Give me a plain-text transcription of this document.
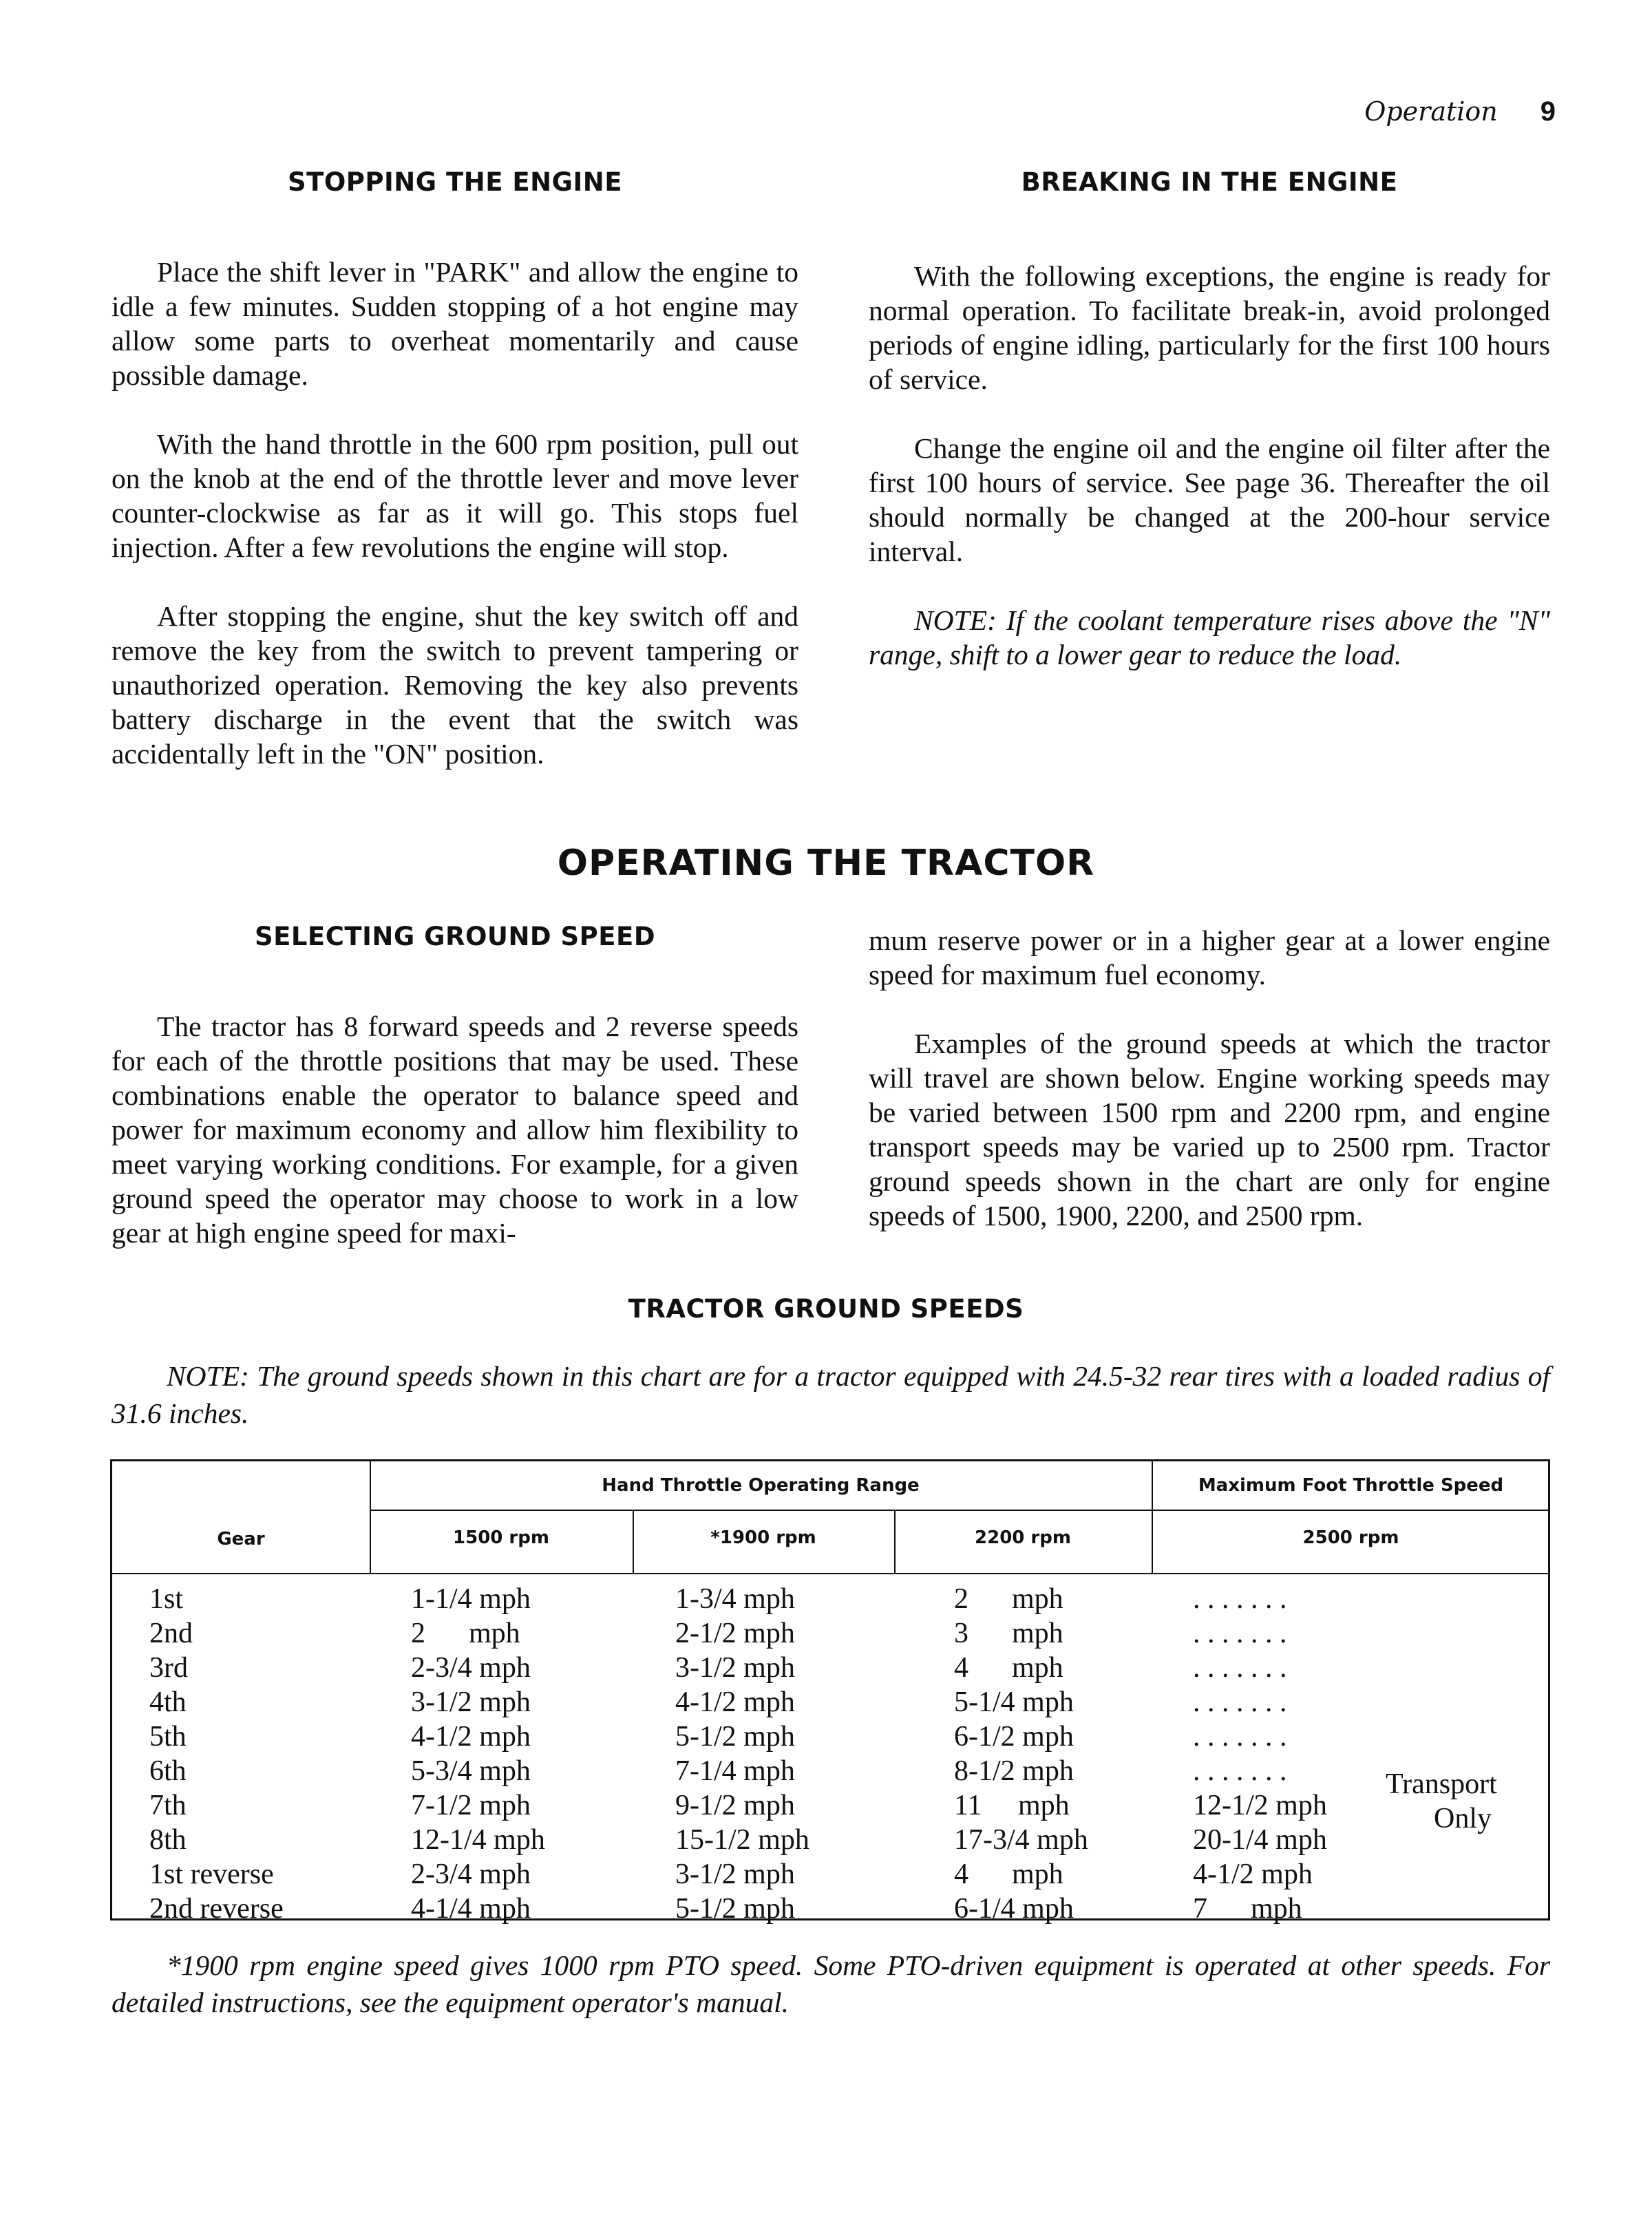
Operation 9
STOPPING THE ENGINE

Place the shift lever in "PARK" and allow the engine to idle a few minutes. Sudden stopping of a hot engine may allow some parts to overheat momentarily and cause possible damage.

With the hand throttle in the 600 rpm position, pull out on the knob at the end of the throttle lever and move lever counter-clockwise as far as it will go. This stops fuel injection. After a few revolutions the engine will stop.

After stopping the engine, shut the key switch off and remove the key from the switch to prevent tampering or unauthorized operation. Removing the key also prevents battery discharge in the event that the switch was accidentally left in the "ON" position.

BREAKING IN THE ENGINE

With the following exceptions, the engine is ready for normal operation. To facilitate break-in, avoid prolonged periods of engine idling, particularly for the first 100 hours of service.

Change the engine oil and the engine oil filter after the first 100 hours of service. See page 36. Thereafter the oil should normally be changed at the 200-hour service interval.

NOTE: If the coolant temperature rises above the "N" range, shift to a lower gear to reduce the load.

OPERATING THE TRACTOR
SELECTING GROUND SPEED

The tractor has 8 forward speeds and 2 reverse speeds for each of the throttle positions that may be used. These combinations enable the operator to balance speed and power for maximum economy and allow him flexibility to meet varying working conditions. For example, for a given ground speed the operator may choose to work in a low gear at high engine speed for maxi-

mum reserve power or in a higher gear at a lower engine speed for maximum fuel economy.

Examples of the ground speeds at which the tractor will travel are shown below. Engine working speeds may be varied between 1500 rpm and 2200 rpm, and engine transport speeds may be varied up to 2500 rpm. Tractor ground speeds shown in the chart are only for engine speeds of 1500, 1900, 2200, and 2500 rpm.

TRACTOR GROUND SPEEDS
NOTE: The ground speeds shown in this chart are for a tractor equipped with 24.5-32 rear tires with a loaded radius of 31.6 inches.
Hand Throttle Operating Range	Maximum Foot Throttle Speed
Gear	1500 rpm	*1900 rpm	2200 rpm	2500 rpm
1st	1-1/4 mph	1-3/4 mph	2      mph	. . . . . . .
2nd	2      mph	2-1/2 mph	3      mph	. . . . . . .
3rd	2-3/4 mph	3-1/2 mph	4      mph	. . . . . . .
4th	3-1/2 mph	4-1/2 mph	5-1/4 mph	. . . . . . .
5th	4-1/2 mph	5-1/2 mph	6-1/2 mph	. . . . . . .
6th	5-3/4 mph	7-1/4 mph	8-1/2 mph	. . . . . . .
7th	7-1/2 mph	9-1/2 mph	11     mph	12-1/2 mph
8th	12-1/4 mph	15-1/2 mph	17-3/4 mph	20-1/4 mph
1st reverse	2-3/4 mph	3-1/2 mph	4      mph	4-1/2 mph
2nd reverse	4-1/4 mph	5-1/2 mph	6-1/4 mph	7      mph
Transport
Only
*1900 rpm engine speed gives 1000 rpm PTO speed. Some PTO-driven equipment is operated at other speeds. For detailed instructions, see the equipment operator's manual.
